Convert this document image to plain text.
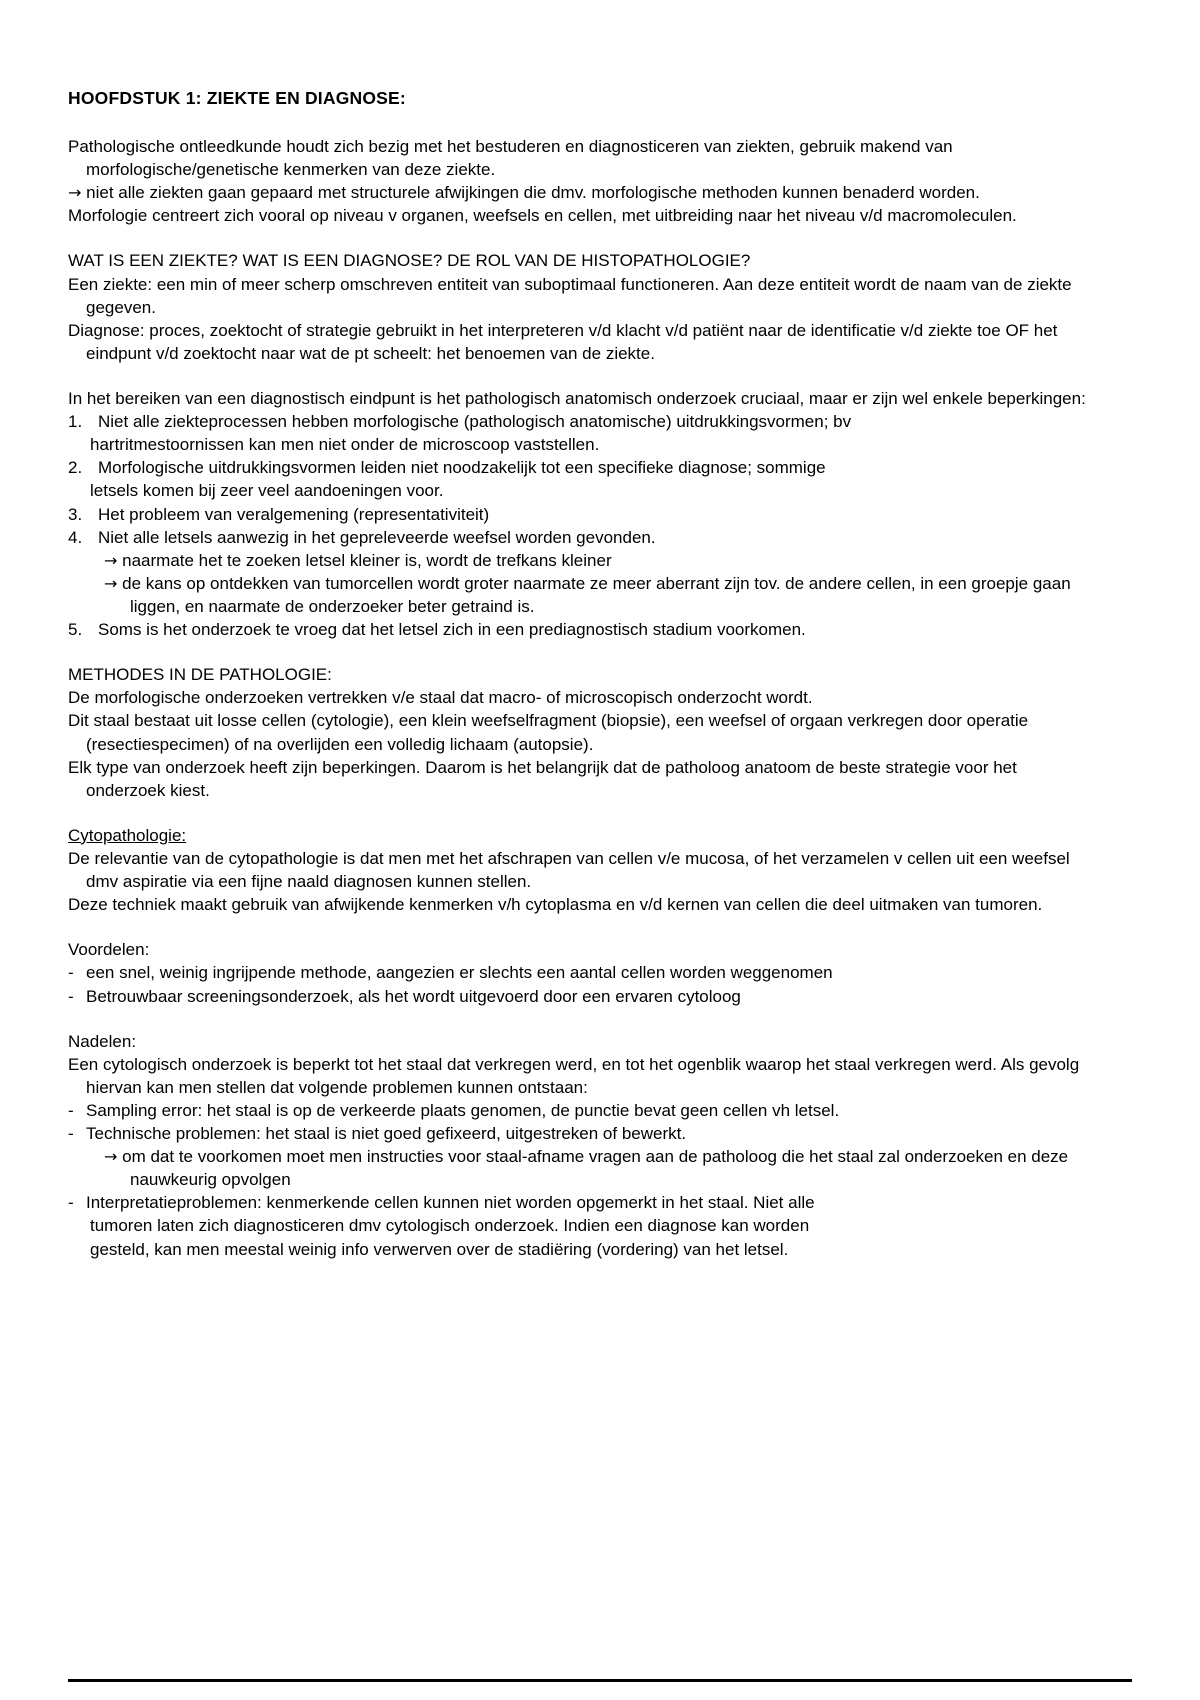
HOOFDSTUK 1: ZIEKTE EN DIAGNOSE:

Pathologische ontleedkunde houdt zich bezig met het bestuderen en diagnosticeren van ziekten, gebruik makend van morfologische/genetische kenmerken van deze ziekte.

→ niet alle ziekten gaan gepaard met structurele afwijkingen die dmv. morfologische methoden kunnen benaderd worden.

Morfologie centreert zich vooral op niveau v organen, weefsels en cellen, met uitbreiding naar het niveau v/d macromoleculen.

WAT IS EEN ZIEKTE? WAT IS EEN DIAGNOSE? DE ROL VAN DE HISTOPATHOLOGIE?

Een ziekte: een min of meer scherp omschreven entiteit van suboptimaal functioneren. Aan deze entiteit wordt de naam van de ziekte gegeven.

Diagnose: proces, zoektocht of strategie gebruikt in het interpreteren v/d klacht v/d patiënt naar de identificatie v/d ziekte toe OF het eindpunt v/d zoektocht naar wat de pt scheelt: het benoemen van de ziekte.

In het bereiken van een diagnostisch eindpunt is het pathologisch anatomisch onderzoek cruciaal, maar er zijn wel enkele beperkingen:

1. Niet alle ziekteprocessen hebben morfologische (pathologisch anatomische) uitdrukkingsvormen; bv
hartritmestoornissen kan men niet onder de microscoop vaststellen.
2. Morfologische uitdrukkingsvormen leiden niet noodzakelijk tot een specifieke diagnose; sommige
letsels komen bij zeer veel aandoeningen voor.
3. Het probleem van veralgemening (representativiteit)
4. Niet alle letsels aanwezig in het gepreleveerde weefsel worden gevonden.

→ naarmate het te zoeken letsel kleiner is, wordt de trefkans kleiner

→ de kans op ontdekken van tumorcellen wordt groter naarmate ze meer aberrant zijn tov. de andere cellen, in een groepje gaan liggen, en naarmate de onderzoeker beter getraind is.

5. Soms is het onderzoek te vroeg dat het letsel zich in een prediagnostisch stadium voorkomen.

METHODES IN DE PATHOLOGIE:

De morfologische onderzoeken vertrekken v/e staal dat macro- of microscopisch onderzocht wordt.

Dit staal bestaat uit losse cellen (cytologie), een klein weefselfragment (biopsie), een weefsel of orgaan verkregen door operatie (resectiespecimen) of na overlijden een volledig lichaam (autopsie).

Elk type van onderzoek heeft zijn beperkingen. Daarom is het belangrijk dat de patholoog anatoom de beste strategie voor het onderzoek kiest.

Cytopathologie:

De relevantie van de cytopathologie is dat men met het afschrapen van cellen v/e mucosa, of het verzamelen v cellen uit een weefsel dmv aspiratie via een fijne naald diagnosen kunnen stellen.

Deze techniek maakt gebruik van afwijkende kenmerken v/h cytoplasma en v/d kernen van cellen die deel uitmaken van tumoren.

Voordelen:

- een snel, weinig ingrijpende methode, aangezien er slechts een aantal cellen worden weggenomen
- Betrouwbaar screeningsonderzoek, als het wordt uitgevoerd door een ervaren cytoloog

Nadelen:

Een cytologisch onderzoek is beperkt tot het staal dat verkregen werd, en tot het ogenblik waarop het staal verkregen werd. Als gevolg hiervan kan men stellen dat volgende problemen kunnen ontstaan:

- Sampling error: het staal is op de verkeerde plaats genomen, de punctie bevat geen cellen vh letsel.
- Technische problemen: het staal is niet goed gefixeerd, uitgestreken of bewerkt.

→ om dat te voorkomen moet men instructies voor staal-afname vragen aan de patholoog die het staal zal onderzoeken en deze nauwkeurig opvolgen

- Interpretatieproblemen: kenmerkende cellen kunnen niet worden opgemerkt in het staal. Niet alle
tumoren laten zich diagnosticeren dmv cytologisch onderzoek. Indien een diagnose kan worden
gesteld, kan men meestal weinig info verwerven over de stadiëring (vordering) van het letsel.
